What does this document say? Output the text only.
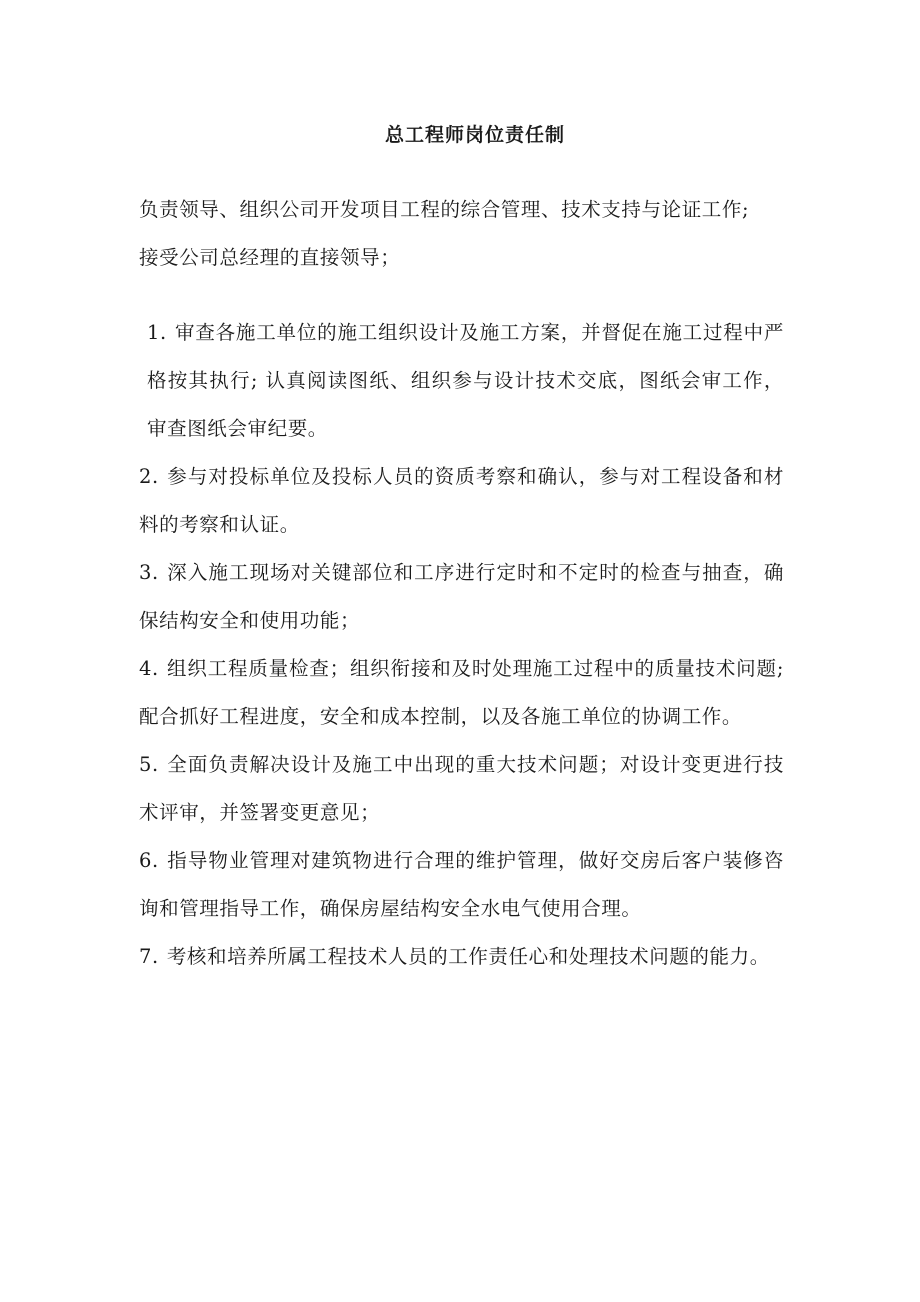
总工程师岗位责任制

负责领导、组织公司开发项目工程的综合管理、技术支持与论证工作;

接受公司总经理的直接领导；

1. 审查各施工单位的施工组织设计及施工方案，并督促在施工过程中严格按其执行; 认真阅读图纸、组织参与设计技术交底，图纸会审工作，审查图纸会审纪要。

2. 参与对投标单位及投标人员的资质考察和确认，参与对工程设备和材料的考察和认证。

3. 深入施工现场对关键部位和工序进行定时和不定时的检查与抽查，确保结构安全和使用功能；

4. 组织工程质量检查；组织衔接和及时处理施工过程中的质量技术问题; 配合抓好工程进度，安全和成本控制，以及各施工单位的协调工作。

5. 全面负责解决设计及施工中出现的重大技术问题；对设计变更进行技术评审，并签署变更意见；

6. 指导物业管理对建筑物进行合理的维护管理，做好交房后客户装修咨询和管理指导工作，确保房屋结构安全水电气使用合理。

7. 考核和培养所属工程技术人员的工作责任心和处理技术问题的能力。
